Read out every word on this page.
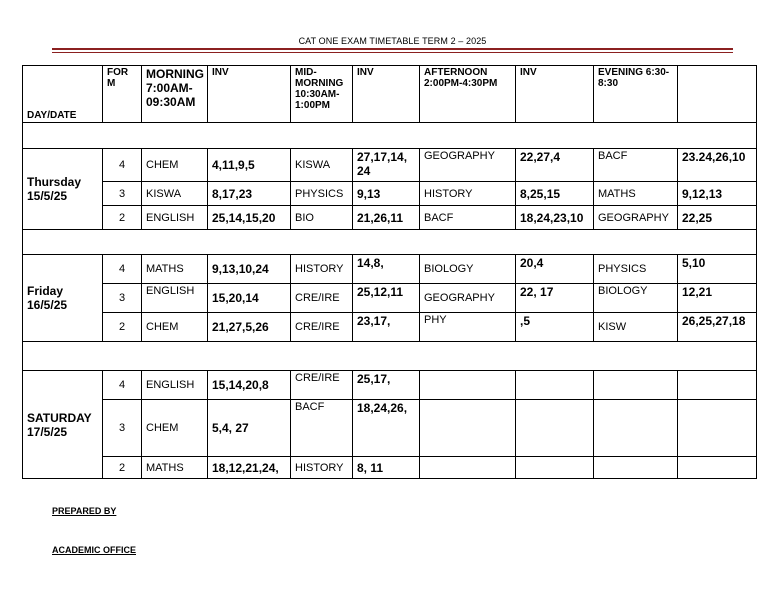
CAT ONE EXAM TIMETABLE TERM 2 – 2025
DAY/DATE	FOR M	MORNING 7:00AM-09:30AM	INV	MID-MORNING 10:30AM-1:00PM	INV	AFTERNOON 2:00PM-4:30PM	INV	EVENING 6:30-8:30	

Thursday 15/5/25	4	CHEM	4,11,9,5	KISWA	27,17,14, 24	GEOGRAPHY	22,27,4	BACF	23.24,26,10
	3	KISWA	8,17,23	PHYSICS	9,13	HISTORY	8,25,15	MATHS	9,12,13
	2	ENGLISH	25,14,15,20	BIO	21,26,11	BACF	18,24,23,10	GEOGRAPHY	22,25

Friday 16/5/25	4	MATHS	9,13,10,24	HISTORY	14,8,	BIOLOGY	20,4	PHYSICS	5,10
	3	ENGLISH	15,20,14	CRE/IRE	25,12,11	GEOGRAPHY	22, 17	BIOLOGY	12,21
	2	CHEM	21,27,5,26	CRE/IRE	23,17,	PHY	,5	KISW	26,25,27,18

SATURDAY 17/5/25	4	ENGLISH	15,14,20,8	CRE/IRE	25,17,				
	3	CHEM	5,4, 27	BACF	18,24,26,				
	2	MATHS	18,12,21,24,	HISTORY	8, 11				
PREPARED BY
ACADEMIC OFFICE
